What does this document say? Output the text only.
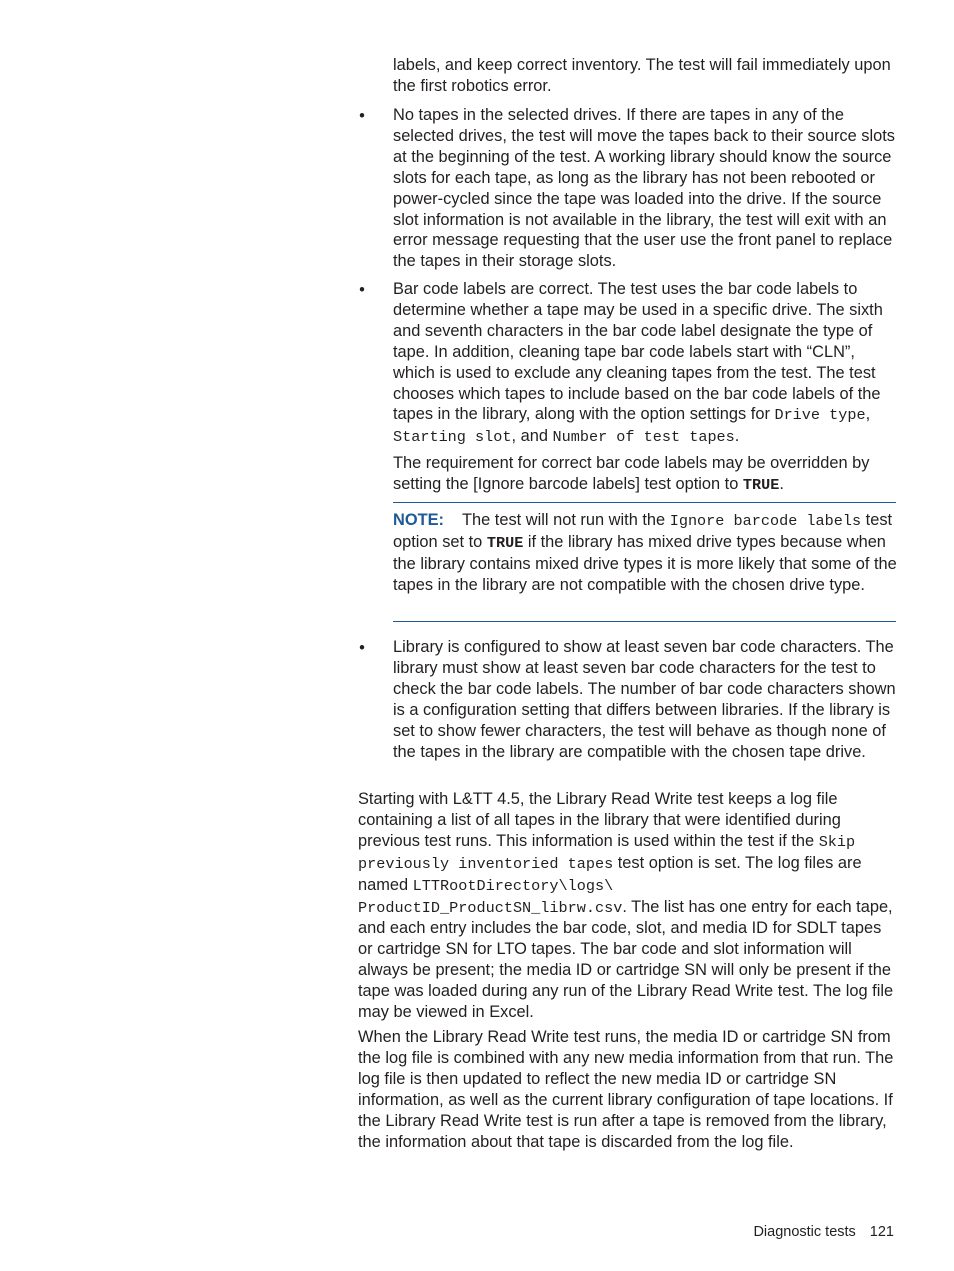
labels, and keep correct inventory. The test will fail immediately upon the first robotics error.

• No tapes in the selected drives. If there are tapes in any of the selected drives, the test will move the tapes back to their source slots at the beginning of the test. A working library should know the source slots for each tape, as long as the library has not been rebooted or power-cycled since the tape was loaded into the drive. If the source slot information is not available in the library, the test will exit with an error message requesting that the user use the front panel to replace the tapes in their storage slots.

• Bar code labels are correct. The test uses the bar code labels to determine whether a tape may be used in a specific drive. The sixth and seventh characters in the bar code label designate the type of tape. In addition, cleaning tape bar code labels start with “CLN”, which is used to exclude any cleaning tapes from the test. The test chooses which tapes to include based on the bar code labels of the tapes in the library, along with the option settings for Drive type, Starting slot, and Number of test tapes.

The requirement for correct bar code labels may be overridden by setting the [Ignore barcode labels] test option to TRUE.

NOTE: The test will not run with the Ignore barcode labels test option set to TRUE if the library has mixed drive types because when the library contains mixed drive types it is more likely that some of the tapes in the library are not compatible with the chosen drive type.

• Library is configured to show at least seven bar code characters. The library must show at least seven bar code characters for the test to check the bar code labels. The number of bar code characters shown is a configuration setting that differs between libraries. If the library is set to show fewer characters, the test will behave as though none of the tapes in the library are compatible with the chosen tape drive.

Starting with L&TT 4.5, the Library Read Write test keeps a log file containing a list of all tapes in the library that were identified during previous test runs. This information is used within the test if the Skip previously inventoried tapes test option is set. The log files are named LTTRootDirectory\logs\
ProductID_ProductSN_librw.csv. The list has one entry for each tape, and each entry includes the bar code, slot, and media ID for SDLT tapes or cartridge SN for LTO tapes. The bar code and slot information will always be present; the media ID or cartridge SN will only be present if the tape was loaded during any run of the Library Read Write test. The log file may be viewed in Excel.

When the Library Read Write test runs, the media ID or cartridge SN from the log file is combined with any new media information from that run. The log file is then updated to reflect the new media ID or cartridge SN information, as well as the current library configuration of tape locations. If the Library Read Write test is run after a tape is removed from the library, the information about that tape is discarded from the log file.

Diagnostic tests 121
